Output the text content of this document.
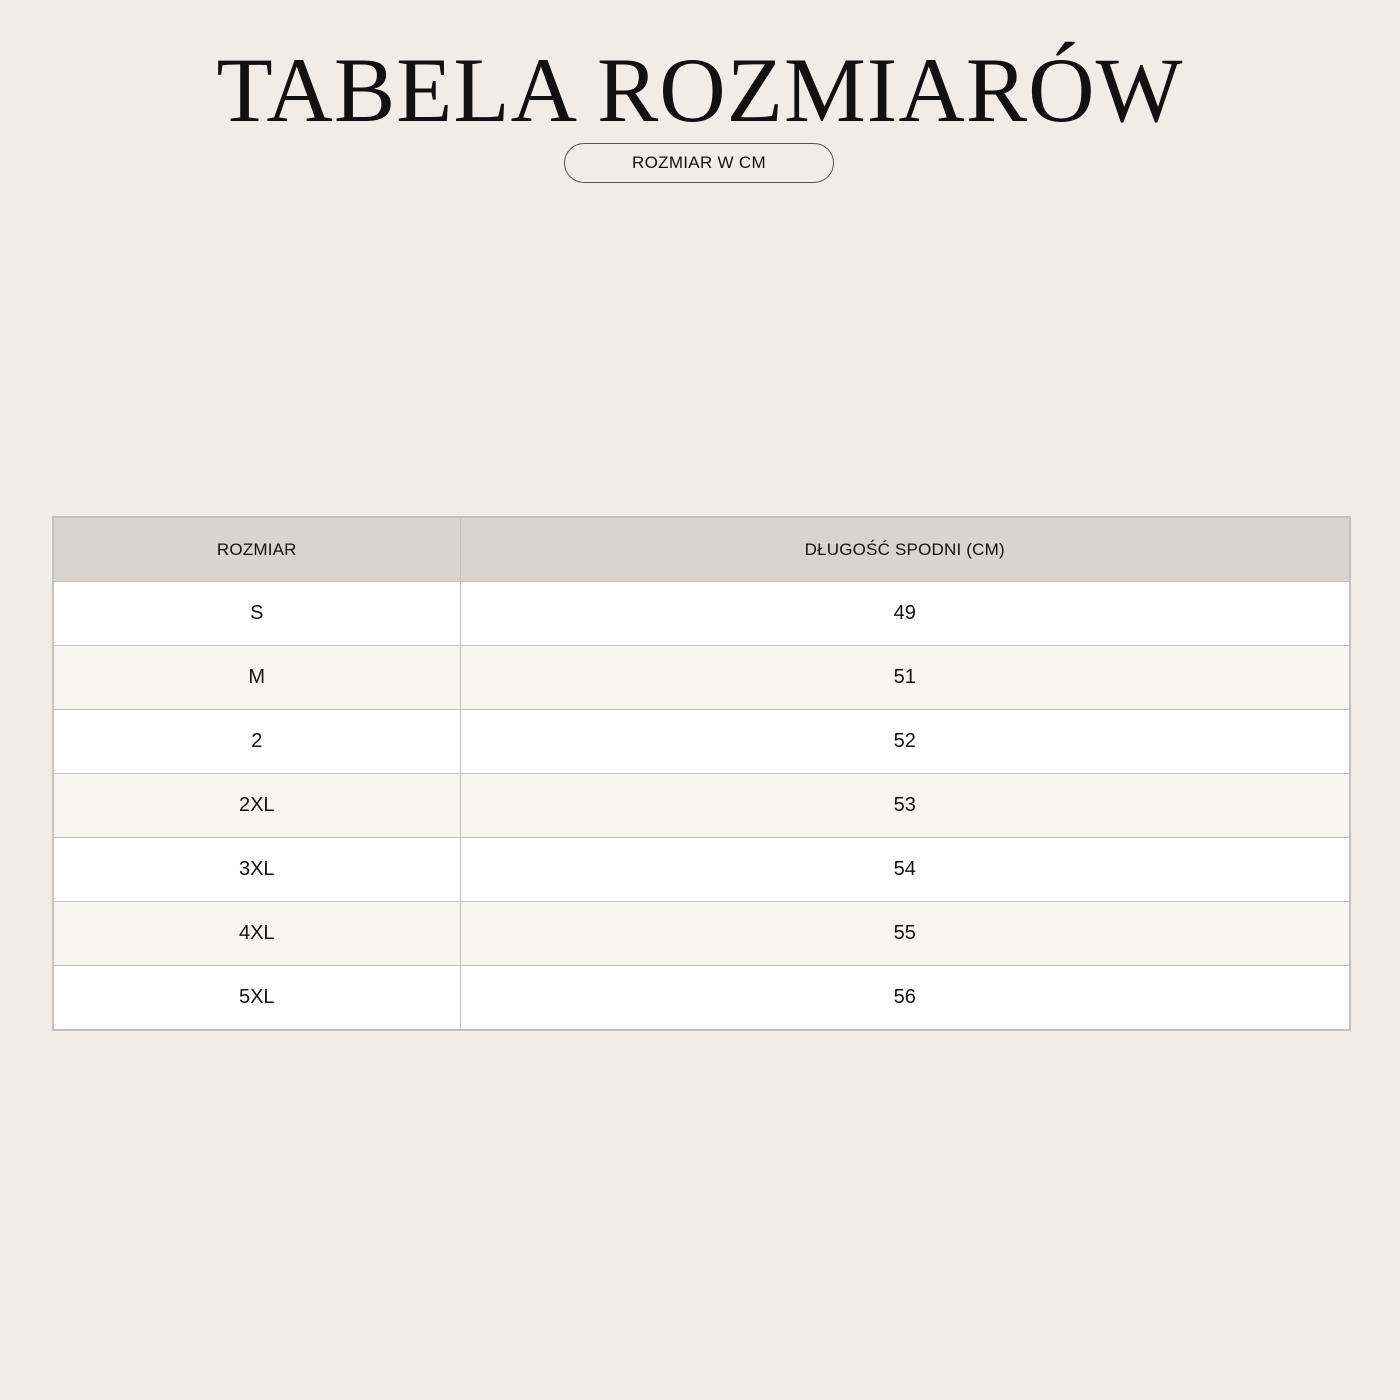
TABELA ROZMIARÓW
ROZMIAR W CM
ROZMIAR	DŁUGOŚĆ SPODNI (CM)
S	49
M	51
2	52
2XL	53
3XL	54
4XL	55
5XL	56
